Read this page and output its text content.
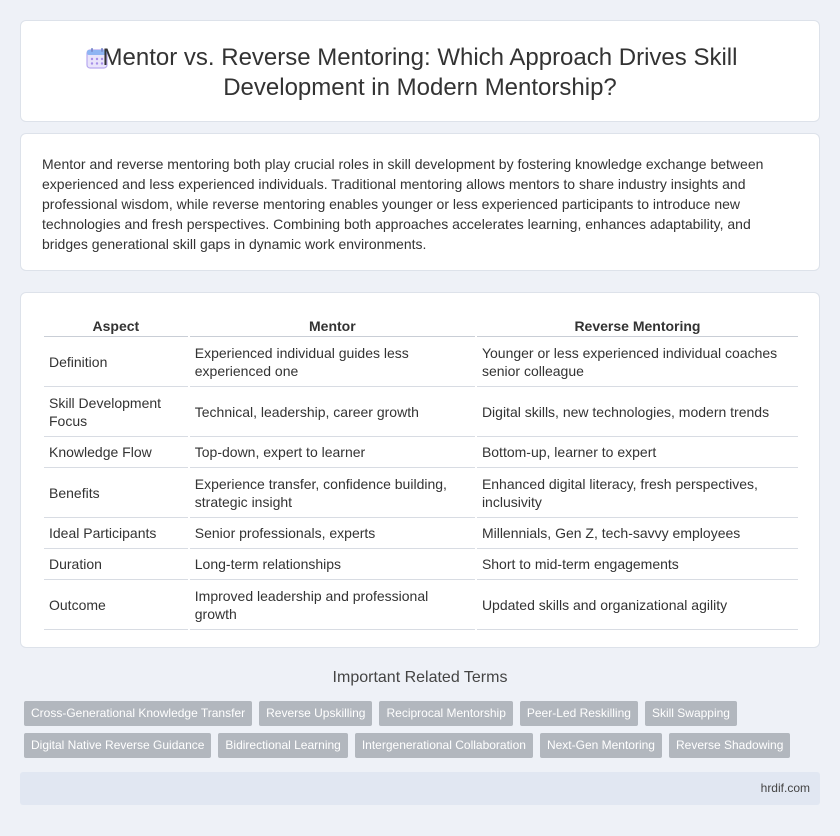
Mentor vs. Reverse Mentoring: Which Approach Drives Skill
Development in Modern Mentorship?

Mentor and reverse mentoring both play crucial roles in skill development by fostering knowledge exchange between experienced and less experienced individuals. Traditional mentoring allows mentors to share industry insights and professional wisdom, while reverse mentoring enables younger or less experienced participants to introduce new technologies and fresh perspectives. Combining both approaches accelerates learning, enhances adaptability, and bridges generational skill gaps in dynamic work environments.

Aspect	Mentor	Reverse Mentoring
Definition	Experienced individual guides less experienced one	Younger or less experienced individual coaches senior colleague
Skill Development Focus	Technical, leadership, career growth	Digital skills, new technologies, modern trends
Knowledge Flow	Top-down, expert to learner	Bottom-up, learner to expert
Benefits	Experience transfer, confidence building, strategic insight	Enhanced digital literacy, fresh perspectives, inclusivity
Ideal Participants	Senior professionals, experts	Millennials, Gen Z, tech-savvy employees
Duration	Long-term relationships	Short to mid-term engagements
Outcome	Improved leadership and professional growth	Updated skills and organizational agility
Important Related Terms
Cross-Generational Knowledge Transfer	Reverse Upskilling	Reciprocal Mentorship	Peer-Led Reskilling	Skill Swapping
Digital Native Reverse Guidance	Bidirectional Learning	Intergenerational Collaboration	Next-Gen Mentoring	Reverse Shadowing
hrdif.com
